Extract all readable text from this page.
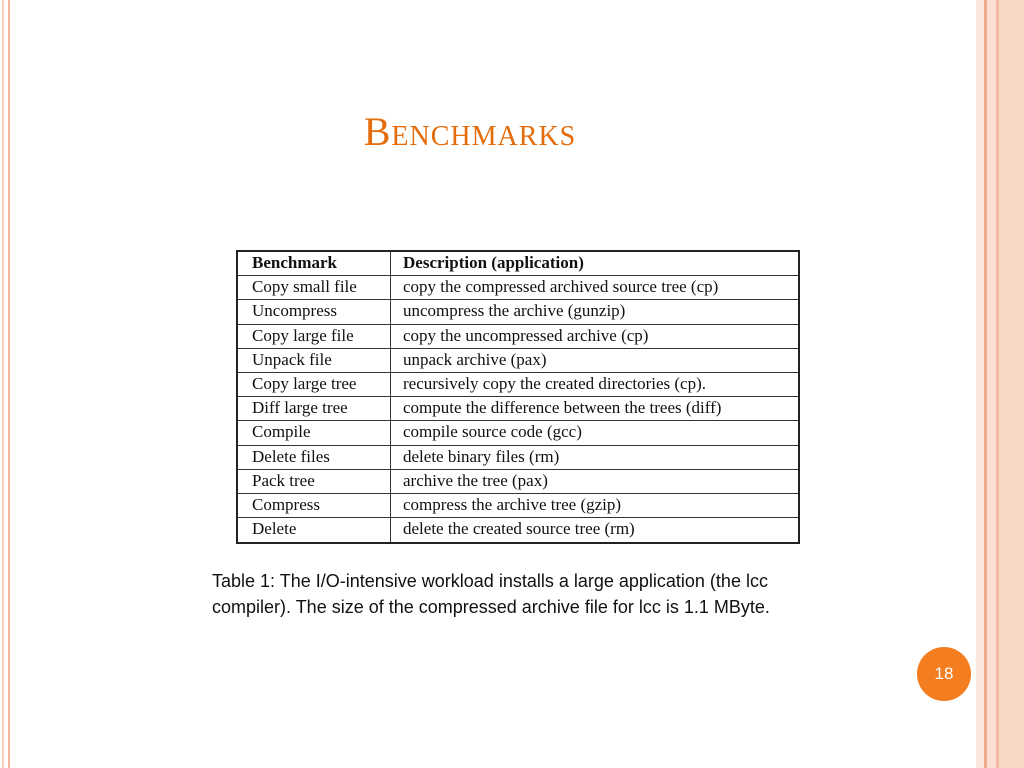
Benchmarks
Benchmark	Description (application)
Copy small file	copy the compressed archived source tree (cp)
Uncompress	uncompress the archive (gunzip)
Copy large file	copy the uncompressed archive (cp)
Unpack file	unpack archive (pax)
Copy large tree	recursively copy the created directories (cp).
Diff large tree	compute the difference between the trees (diff)
Compile	compile source code (gcc)
Delete files	delete binary files (rm)
Pack tree	archive the tree (pax)
Compress	compress the archive tree (gzip)
Delete	delete the created source tree (rm)
Table 1: The I/O-intensive workload installs a large application (the lcc compiler). The size of the compressed archive file for lcc is 1.1 MByte.
18
